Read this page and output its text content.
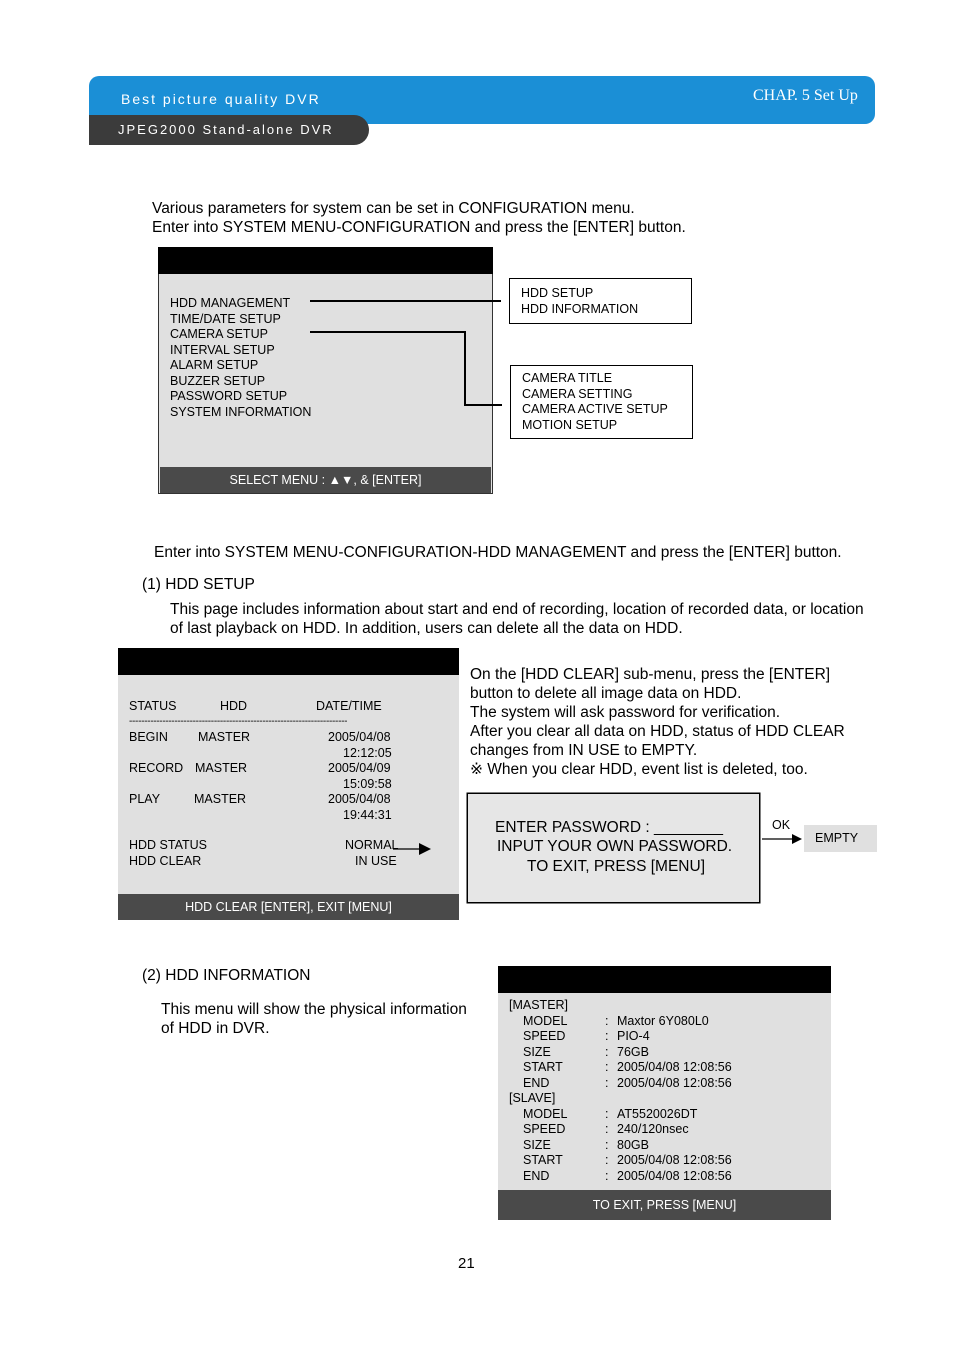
Best picture quality DVR	CHAP. 5 Set Up
JPEG2000 Stand-alone DVR
Various parameters for system can be set in CONFIGURATION menu.
Enter into SYSTEM MENU-CONFIGURATION and press the [ENTER] button.
HDD MANAGEMENT
TIME/DATE SETUP
CAMERA SETUP
INTERVAL SETUP
ALARM SETUP
BUZZER SETUP
PASSWORD SETUP
SYSTEM INFORMATION
SELECT MENU : ▲▼, & [ENTER]
HDD SETUP
HDD INFORMATION
CAMERA TITLE
CAMERA SETTING
CAMERA ACTIVE SETUP
MOTION SETUP
Enter into SYSTEM MENU-CONFIGURATION-HDD MANAGEMENT and press the [ENTER] button.
(1) HDD SETUP
This page includes information about start and end of recording, location of recorded data, or location
of last playback on HDD. In addition, users can delete all the data on HDD.
STATUS	HDD	DATE/TIME
------------------------------------------------------------------------
BEGIN MASTER	2005/04/08
12:12:05
RECORD MASTER	2005/04/09
15:09:58
PLAY	MASTER	2005/04/08
19:44:31
HDD STATUS	NORMAL
HDD CLEAR	IN USE
HDD CLEAR [ENTER], EXIT [MENU]
On the [HDD CLEAR] sub-menu, press the [ENTER]
button to delete all image data on HDD.
The system will ask password for verification.
After you clear all data on HDD, status of HDD CLEAR
changes from IN USE to EMPTY.
※ When you clear HDD, event list is deleted, too.
ENTER PASSWORD : ________
INPUT YOUR OWN PASSWORD.
TO EXIT, PRESS [MENU]
OK
EMPTY
(2) HDD INFORMATION
This menu will show the physical information
of HDD in DVR.
[MASTER]
MODEL	: Maxtor 6Y080L0
SPEED	: PIO-4
SIZE	: 76GB
START	: 2005/04/08 12:08:56
END	: 2005/04/08 12:08:56
[SLAVE]
MODEL	: AT5520026DT
SPEED	: 240/120nsec
SIZE	: 80GB
START	: 2005/04/08 12:08:56
END	: 2005/04/08 12:08:56
TO EXIT, PRESS [MENU]
21
